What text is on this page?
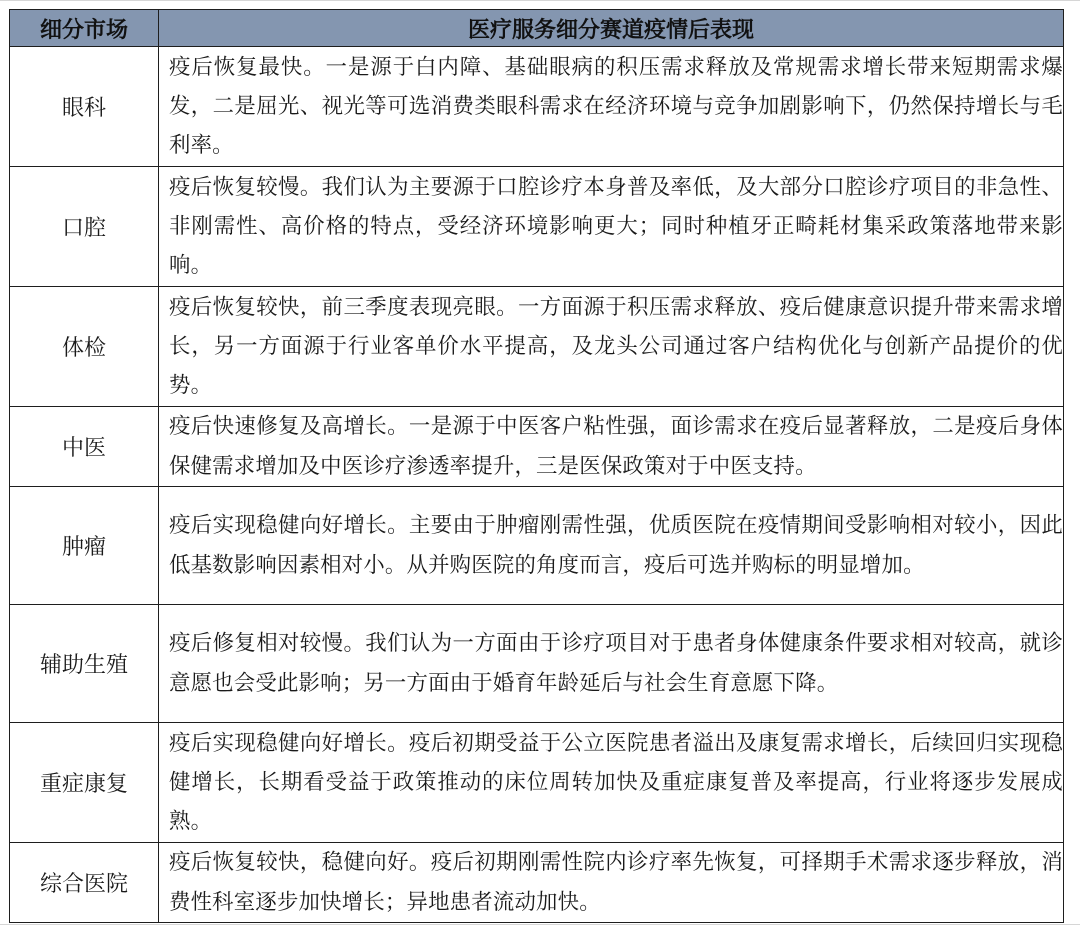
细分市场	医疗服务细分赛道疫情后表现
眼科	疫后恢复最快。一是源于白内障、基础眼病的积压需求释放及常规需求增长带来短期需求爆发，二是屈光、视光等可选消费类眼科需求在经济环境与竞争加剧影响下，仍然保持增长与毛利率。
口腔	疫后恢复较慢。我们认为主要源于口腔诊疗本身普及率低，及大部分口腔诊疗项目的非急性、非刚需性、高价格的特点，受经济环境影响更大；同时种植牙正畸耗材集采政策落地带来影响。
体检	疫后恢复较快，前三季度表现亮眼。一方面源于积压需求释放、疫后健康意识提升带来需求增长，另一方面源于行业客单价水平提高，及龙头公司通过客户结构优化与创新产品提价的优势。
中医	疫后快速修复及高增长。一是源于中医客户粘性强，面诊需求在疫后显著释放，二是疫后身体保健需求增加及中医诊疗渗透率提升，三是医保政策对于中医支持。
肿瘤	疫后实现稳健向好增长。主要由于肿瘤刚需性强，优质医院在疫情期间受影响相对较小，因此低基数影响因素相对小。从并购医院的角度而言，疫后可选并购标的明显增加。
辅助生殖	疫后修复相对较慢。我们认为一方面由于诊疗项目对于患者身体健康条件要求相对较高，就诊意愿也会受此影响；另一方面由于婚育年龄延后与社会生育意愿下降。
重症康复	疫后实现稳健向好增长。疫后初期受益于公立医院患者溢出及康复需求增长，后续回归实现稳健增长，长期看受益于政策推动的床位周转加快及重症康复普及率提高，行业将逐步发展成熟。
综合医院	疫后恢复较快，稳健向好。疫后初期刚需性院内诊疗率先恢复，可择期手术需求逐步释放，消费性科室逐步加快增长；异地患者流动加快。
